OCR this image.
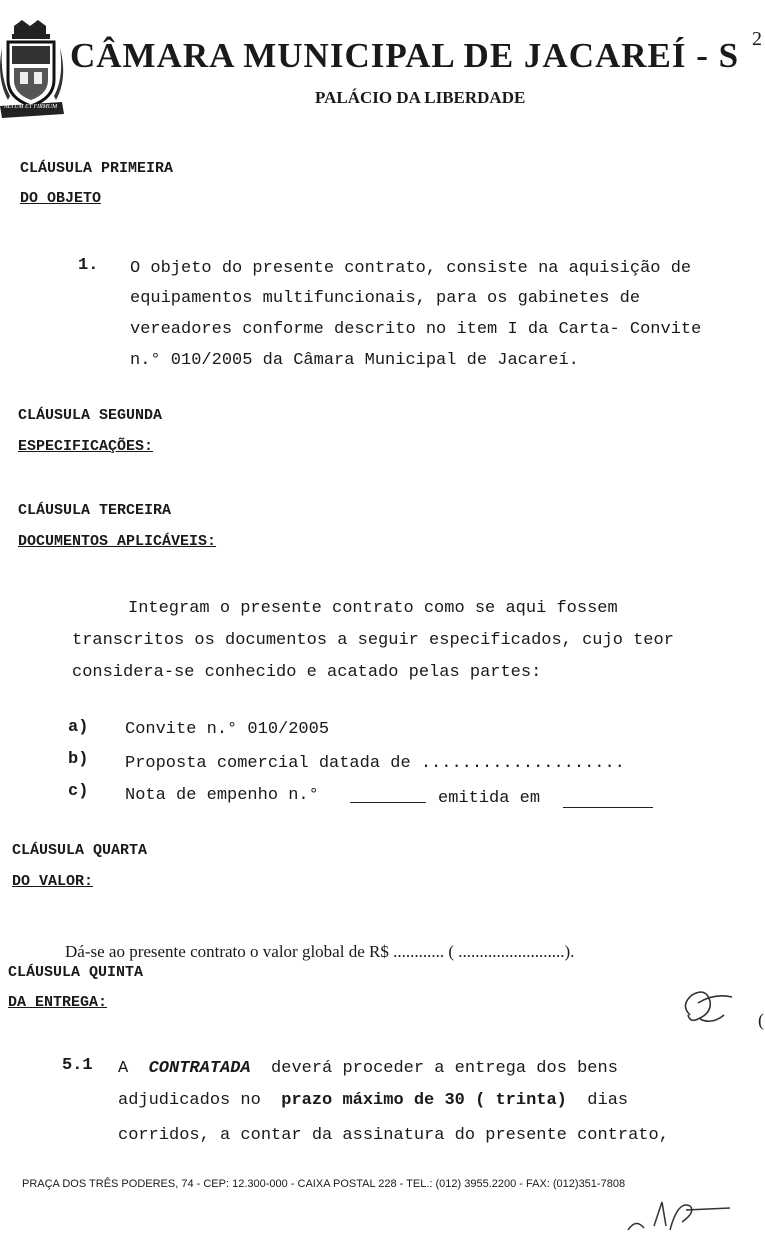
ALTUM ET FIRMUM
CÂMARA MUNICIPAL DE JACAREÍ - S 2
PALÁCIO DA LIBERDADE
CLÁUSULA PRIMEIRA
DO OBJETO
1. O objeto do presente contrato, consiste na aquisição de
equipamentos multifuncionais, para os gabinetes de
vereadores conforme descrito no item I da Carta- Convite
n.° 010/2005 da Câmara Municipal de Jacareí.
CLÁUSULA SEGUNDA
ESPECIFICAÇÕES:
CLÁUSULA TERCEIRA
DOCUMENTOS APLICÁVEIS:
Integram o presente contrato como se aqui fossem
transcritos os documentos a seguir especificados, cujo teor
considera-se conhecido e acatado pelas partes:
a) Convite n.° 010/2005
b) Proposta comercial datada de ....................
c) Nota de empenho n.°	emitida em
CLÁUSULA QUARTA
DO VALOR:
Dá-se ao presente contrato o valor global de R$ ............ ( .........................).
CLÁUSULA QUINTA
DA ENTREGA:
(
5.1 A CONTRATADA deverá proceder a entrega dos bens
adjudicados no prazo máximo de 30 ( trinta) dias
corridos, a contar da assinatura do presente contrato,
PRAÇA DOS TRÊS PODERES, 74 - CEP: 12.300-000 - CAIXA POSTAL 228 - TEL.: (012) 3955.2200 - FAX: (012)351-7808
